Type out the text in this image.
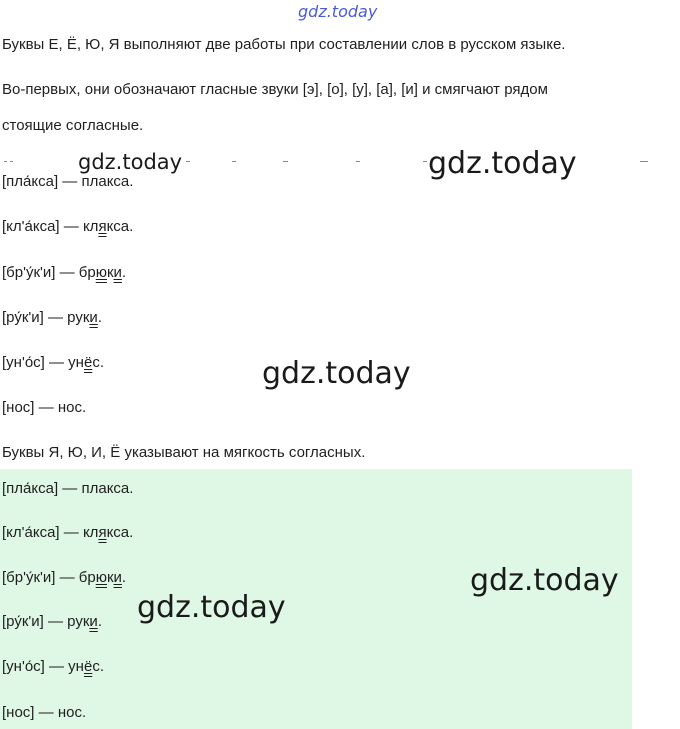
gdz.today
Буквы Е, Ё, Ю, Я выполняют две работы при составлении слов в русском языке.
Во-первых, они обозначают гласные звуки [э], [о], [у], [а], [и] и смягчают рядом
стоящие согласные.
gdz.today	gdz.today
[пла́кса] — плакса.
[кл'а́кса] — клякса.
[бр'у́к'и] — брюки.
[ру́к'и] — руки.
[ун'о́с] — унёс.
[нос] — нос.
gdz.today
Буквы Я, Ю, И, Ё указывают на мягкость согласных.
[пла́кса] — плакса.
[кл'а́кса] — клякса.
[бр'у́к'и] — брюки.
[ру́к'и] — руки.
[ун'о́с] — унёс.
[нос] — нос.
gdz.today
gdz.today
